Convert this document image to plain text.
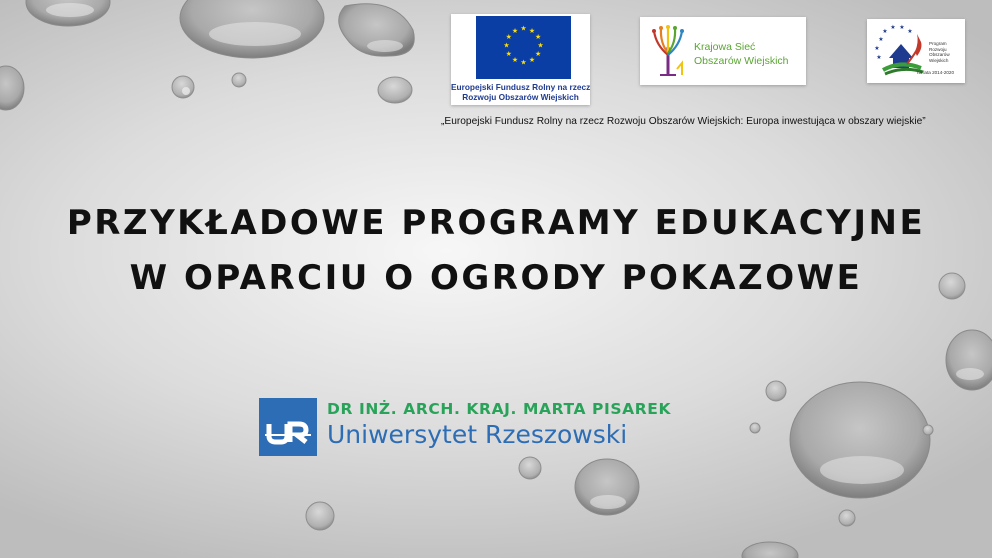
★ ★
★
★
★
★
★
★
★
★
★
★
Europejski Fundusz Rolny na rzecz
Rozwoju Obszarów Wiejskich
Krajowa Sieć
Obszarów Wiejskich
★
★
★ ★
★
★
★
Program
Rozwoju
Obszarów
Wiejskich
na lata 2014-2020
„Europejski Fundusz Rolny na rzecz Rozwoju Obszarów Wiejskich: Europa inwestująca w obszary wiejskie”
PRZYKŁADOWE PROGRAMY EDUKACYJNE
W OPARCIU O OGRODY POKAZOWE
DR INŻ. ARCH. KRAJ. MARTA PISAREK
Uniwersytet Rzeszowski
